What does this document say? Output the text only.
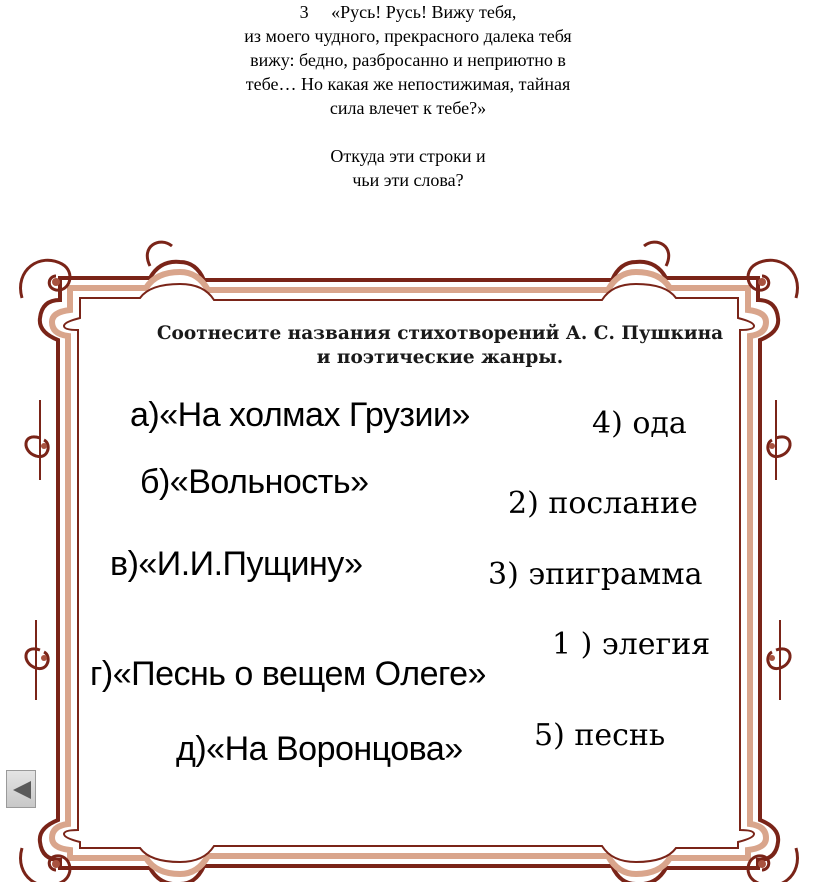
3     «Русь! Русь! Вижу тебя,
из моего чудного, прекрасного далека тебя
вижу: бедно, разбросанно и неприютно в
тебе… Но какая же непостижимая, тайная
сила влечет к тебе?»
Откуда эти строки и
чьи эти слова?
Соотнесите названия стихотворений А. С. Пушкина
и поэтические жанры.
а)«На холмах Грузии»
б)«Вольность»
в)«И.И.Пущину»
г)«Песнь о вещем Олеге»
д)«На Воронцова»
4) ода
2) послание
3) эпиграмма
1 ) элегия
5) песнь
